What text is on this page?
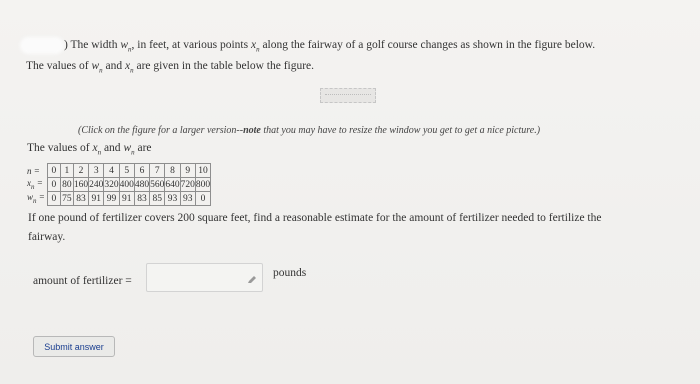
) The width $w_n$, in feet, at various points $x_n$ along the fairway of a golf course changes as shown in the figure below.
The values of $w_n$ and $x_n$ are given in the table below the figure.
(Click on the figure for a larger version--note that you may have to resize the window you get to get a nice picture.)
The values of $x_n$ and $w_n$ are
n =	0	1	2	3	4	5	6	7	8	9	10
$x_n$ =	0	80	160	240	320	400	480	560	640	720	800
$w_n$ =	0	75	83	91	99	91	83	85	93	93	0
If one pound of fertilizer covers 200 square feet, find a reasonable estimate for the amount of fertilizer needed to fertilize the
fairway.
amount of fertilizer =
pounds
Submit answer
